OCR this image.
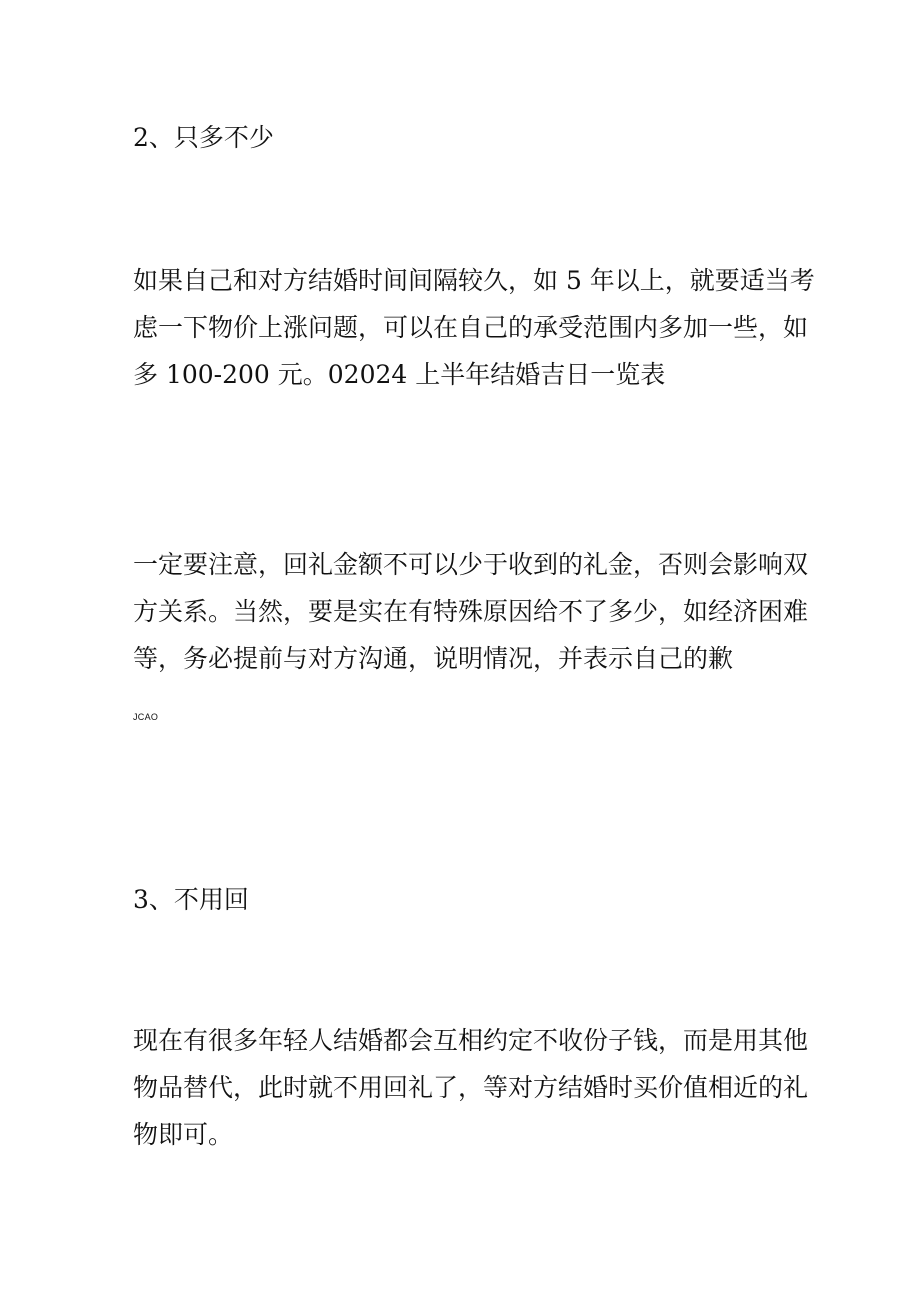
2、只多不少
如果自己和对方结婚时间间隔较久，如 5 年以上，就要适当考
虑一下物价上涨问题，可以在自己的承受范围内多加一些，如
多 100-200 元。02024 上半年结婚吉日一览表
一定要注意，回礼金额不可以少于收到的礼金，否则会影响双
方关系。当然，要是实在有特殊原因给不了多少，如经济困难
等，务必提前与对方沟通，说明情况，并表示自己的歉
JCAO
3、不用回
现在有很多年轻人结婚都会互相约定不收份子钱，而是用其他
物品替代，此时就不用回礼了，等对方结婚时买价值相近的礼
物即可。
